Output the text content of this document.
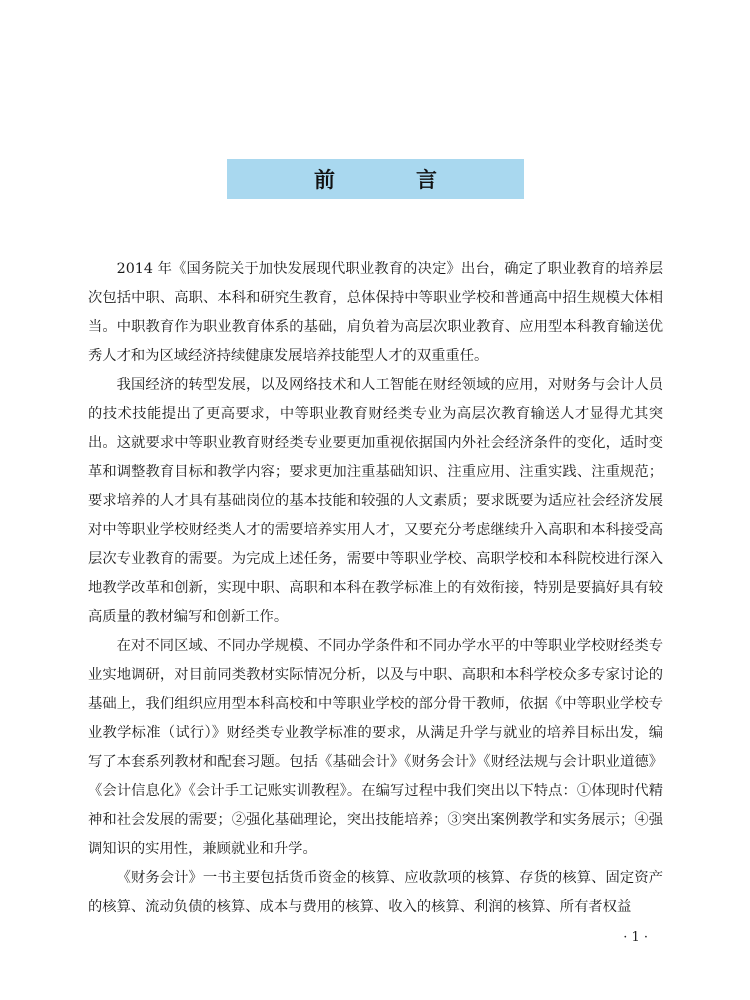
前　言

2014 年《国务院关于加快发展现代职业教育的决定》出台，确定了职业教育的培养层次包括中职、高职、本科和研究生教育，总体保持中等职业学校和普通高中招生规模大体相当。中职教育作为职业教育体系的基础，肩负着为高层次职业教育、应用型本科教育输送优秀人才和为区域经济持续健康发展培养技能型人才的双重重任。

我国经济的转型发展，以及网络技术和人工智能在财经领域的应用，对财务与会计人员的技术技能提出了更高要求，中等职业教育财经类专业为高层次教育输送人才显得尤其突出。这就要求中等职业教育财经类专业要更加重视依据国内外社会经济条件的变化，适时变革和调整教育目标和教学内容；要求更加注重基础知识、注重应用、注重实践、注重规范；要求培养的人才具有基础岗位的基本技能和较强的人文素质；要求既要为适应社会经济发展对中等职业学校财经类人才的需要培养实用人才，又要充分考虑继续升入高职和本科接受高层次专业教育的需要。为完成上述任务，需要中等职业学校、高职学校和本科院校进行深入地教学改革和创新，实现中职、高职和本科在教学标准上的有效衔接，特别是要搞好具有较高质量的教材编写和创新工作。

在对不同区域、不同办学规模、不同办学条件和不同办学水平的中等职业学校财经类专业实地调研，对目前同类教材实际情况分析，以及与中职、高职和本科学校众多专家讨论的基础上，我们组织应用型本科高校和中等职业学校的部分骨干教师，依据《中等职业学校专业教学标准（试行）》财经类专业教学标准的要求，从满足升学与就业的培养目标出发，编写了本套系列教材和配套习题。包括《基础会计》《财务会计》《财经法规与会计职业道德》《会计信息化》《会计手工记账实训教程》。在编写过程中我们突出以下特点：①体现时代精神和社会发展的需要；②强化基础理论，突出技能培养；③突出案例教学和实务展示；④强调知识的实用性，兼顾就业和升学。

《财务会计》一书主要包括货币资金的核算、应收款项的核算、存货的核算、固定资产的核算、流动负债的核算、成本与费用的核算、收入的核算、利润的核算、所有者权益

· 1 ·
